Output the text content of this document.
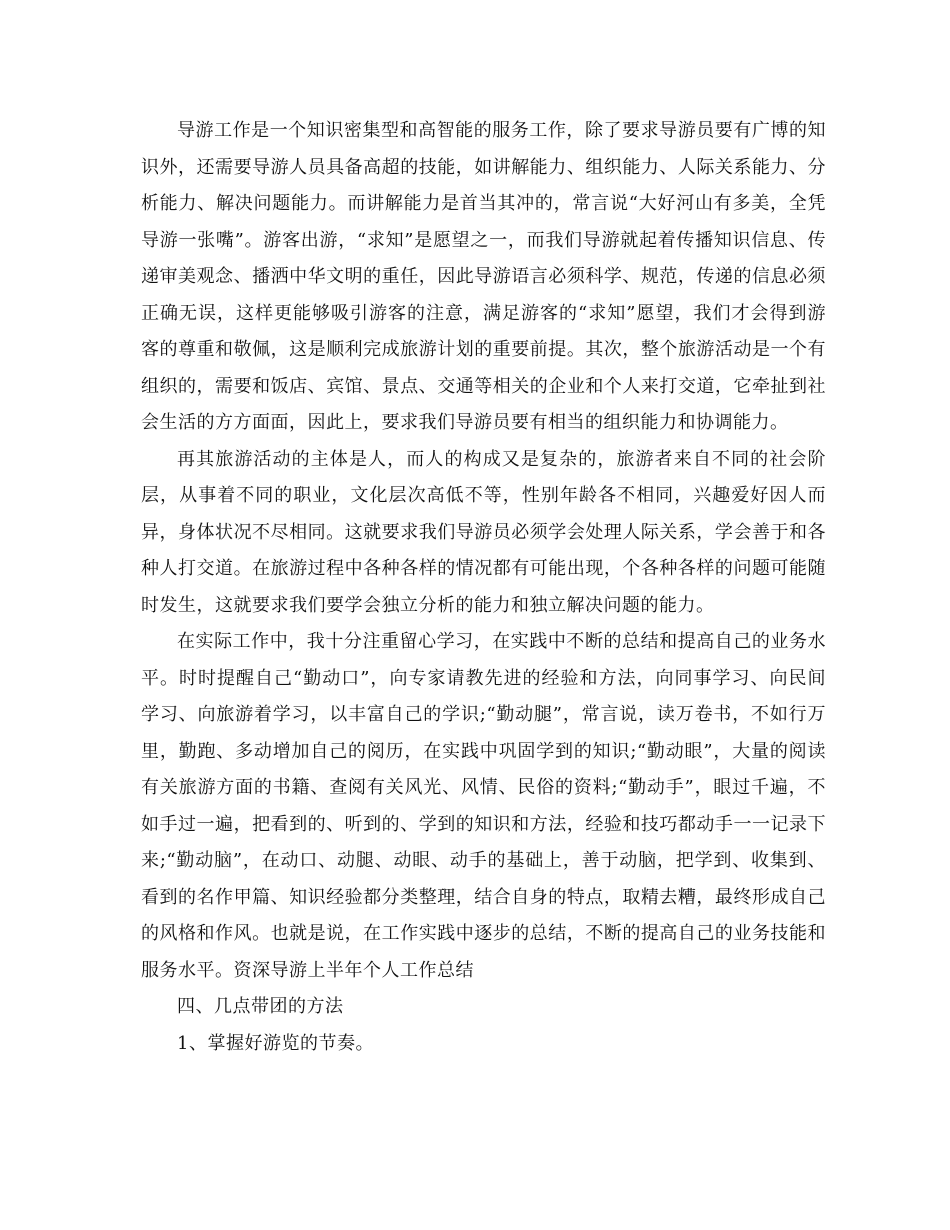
导游工作是一个知识密集型和高智能的服务工作，除了要求导游员要有广博的知识外，还需要导游人员具备高超的技能，如讲解能力、组织能力、人际关系能力、分析能力、解决问题能力。而讲解能力是首当其冲的，常言说“大好河山有多美，全凭导游一张嘴”。游客出游，“求知”是愿望之一，而我们导游就起着传播知识信息、传递审美观念、播洒中华文明的重任，因此导游语言必须科学、规范，传递的信息必须正确无误，这样更能够吸引游客的注意，满足游客的“求知”愿望，我们才会得到游客的尊重和敬佩，这是顺利完成旅游计划的重要前提。其次，整个旅游活动是一个有组织的，需要和饭店、宾馆、景点、交通等相关的企业和个人来打交道，它牵扯到社会生活的方方面面，因此上，要求我们导游员要有相当的组织能力和协调能力。

再其旅游活动的主体是人，而人的构成又是复杂的，旅游者来自不同的社会阶层，从事着不同的职业，文化层次高低不等，性别年龄各不相同，兴趣爱好因人而异，身体状况不尽相同。这就要求我们导游员必须学会处理人际关系，学会善于和各种人打交道。在旅游过程中各种各样的情况都有可能出现，个各种各样的问题可能随时发生，这就要求我们要学会独立分析的能力和独立解决问题的能力。

在实际工作中，我十分注重留心学习，在实践中不断的总结和提高自己的业务水平。时时提醒自己“勤动口”，向专家请教先进的经验和方法，向同事学习、向民间学习、向旅游着学习，以丰富自己的学识;“勤动腿”，常言说，读万卷书，不如行万里，勤跑、多动增加自己的阅历，在实践中巩固学到的知识;“勤动眼”，大量的阅读有关旅游方面的书籍、查阅有关风光、风情、民俗的资料;“勤动手”，眼过千遍，不如手过一遍，把看到的、听到的、学到的知识和方法，经验和技巧都动手一一记录下来;“勤动脑”，在动口、动腿、动眼、动手的基础上，善于动脑，把学到、收集到、看到的名作甲篇、知识经验都分类整理，结合自身的特点，取精去糟，最终形成自己的风格和作风。也就是说，在工作实践中逐步的总结，不断的提高自己的业务技能和服务水平。资深导游上半年个人工作总结

四、几点带团的方法

1、掌握好游览的节奏。
